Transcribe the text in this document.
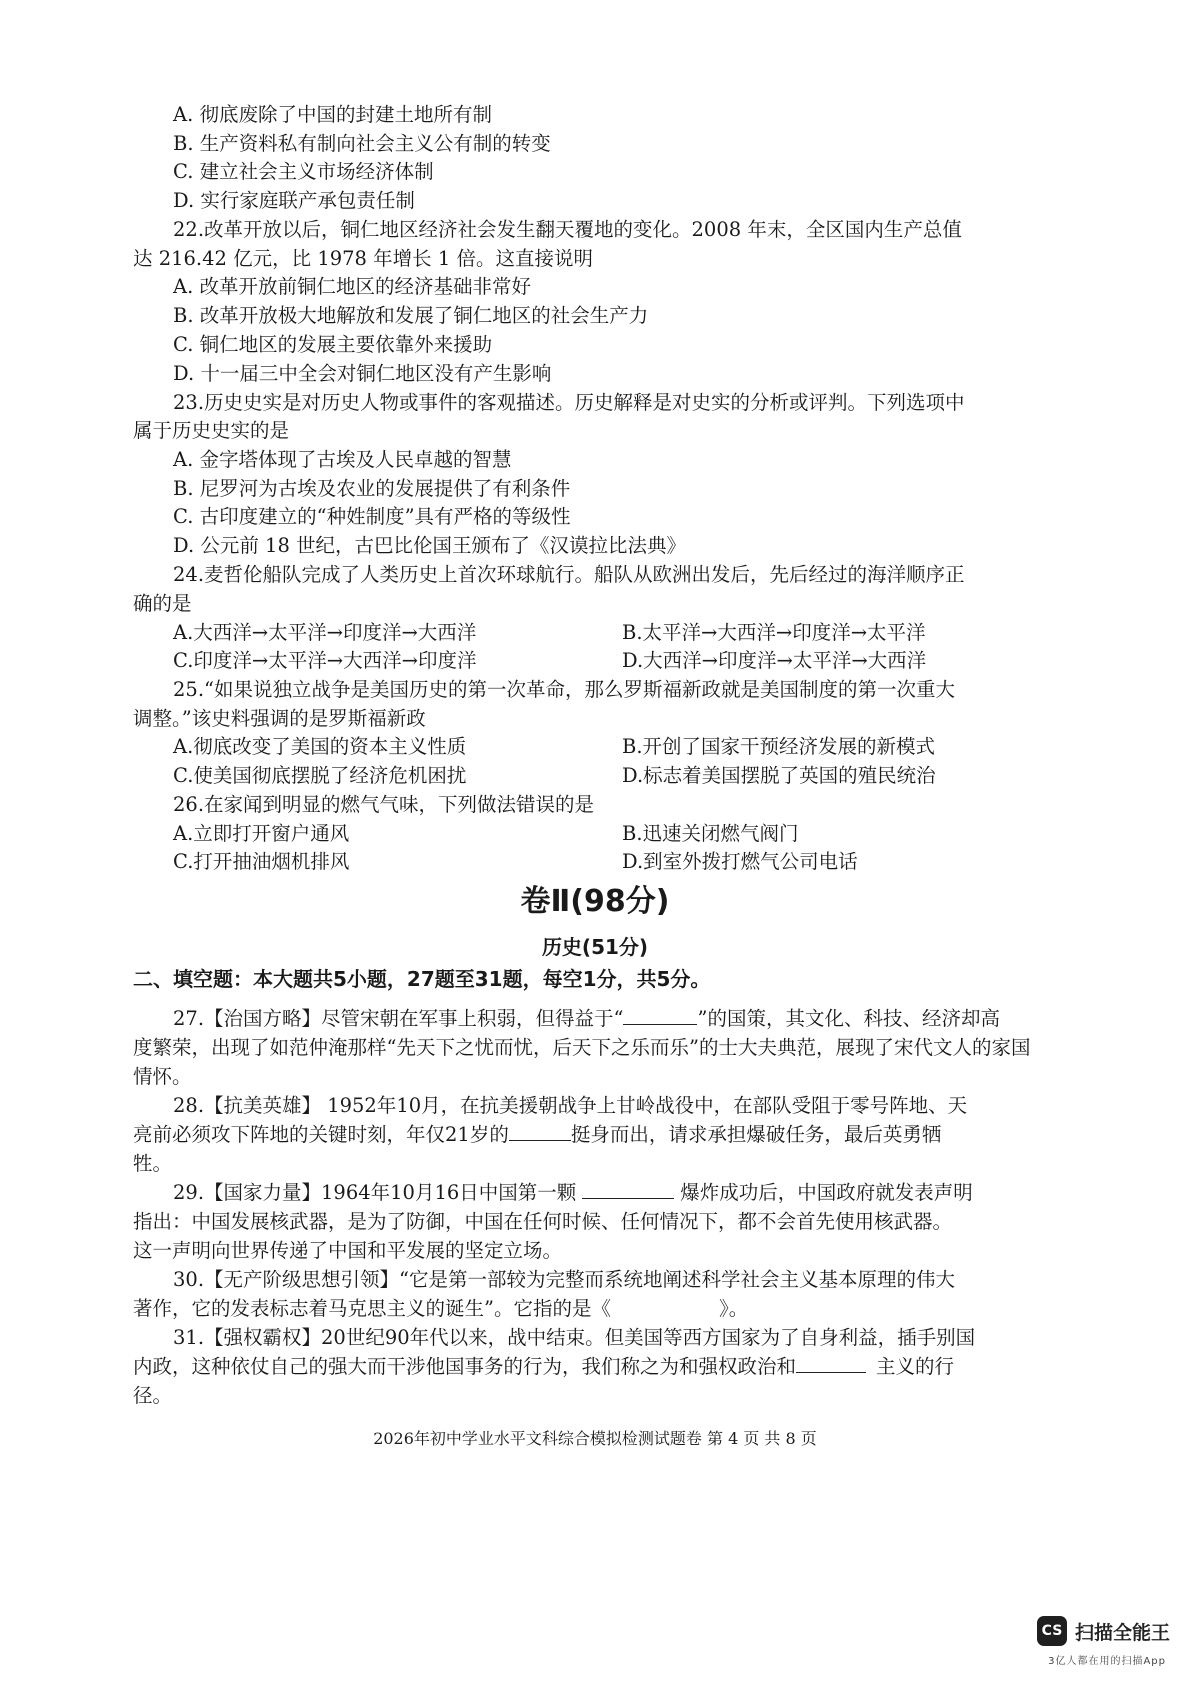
A. 彻底废除了中国的封建土地所有制
B. 生产资料私有制向社会主义公有制的转变
C. 建立社会主义市场经济体制
D. 实行家庭联产承包责任制
22.改革开放以后，铜仁地区经济社会发生翻天覆地的变化。2008 年末，全区国内生产总值
达 216.42 亿元，比 1978 年增长 1 倍。这直接说明
A. 改革开放前铜仁地区的经济基础非常好
B. 改革开放极大地解放和发展了铜仁地区的社会生产力
C. 铜仁地区的发展主要依靠外来援助
D. 十一届三中全会对铜仁地区没有产生影响
23.历史史实是对历史人物或事件的客观描述。历史解释是对史实的分析或评判。下列选项中
属于历史史实的是
A. 金字塔体现了古埃及人民卓越的智慧
B. 尼罗河为古埃及农业的发展提供了有利条件
C. 古印度建立的“种姓制度”具有严格的等级性
D. 公元前 18 世纪，古巴比伦国王颁布了《汉谟拉比法典》
24.麦哲伦船队完成了人类历史上首次环球航行。船队从欧洲出发后，先后经过的海洋顺序正
确的是
A.大西洋→太平洋→印度洋→大西洋	B.太平洋→大西洋→印度洋→太平洋
C.印度洋→太平洋→大西洋→印度洋	D.大西洋→印度洋→太平洋→大西洋
25.“如果说独立战争是美国历史的第一次革命，那么罗斯福新政就是美国制度的第一次重大
调整。”该史料强调的是罗斯福新政
A.彻底改变了美国的资本主义性质	B.开创了国家干预经济发展的新模式
C.使美国彻底摆脱了经济危机困扰	D.标志着美国摆脱了英国的殖民统治
26.在家闻到明显的燃气气味，下列做法错误的是
A.立即打开窗户通风	B.迅速关闭燃气阀门
C.打开抽油烟机排风	D.到室外拨打燃气公司电话
卷Ⅱ(98分)
历史(51分)
二、填空题：本大题共5小题，27题至31题，每空1分，共5分。
27.【治国方略】尽管宋朝在军事上积弱，但得益于“	”的国策，其文化、科技、经济却高
度繁荣，出现了如范仲淹那样“先天下之忧而忧，后天下之乐而乐”的士大夫典范，展现了宋代文人的家国
情怀。
28.【抗美英雄】 1952年10月，在抗美援朝战争上甘岭战役中，在部队受阻于零号阵地、天
亮前必须攻下阵地的关键时刻，年仅21岁的	挺身而出，请求承担爆破任务，最后英勇牺
牲。
29.【国家力量】1964年10月16日中国第一颗	爆炸成功后，中国政府就发表声明
指出：中国发展核武器，是为了防御，中国在任何时候、任何情况下，都不会首先使用核武器。
这一声明向世界传递了中国和平发展的坚定立场。
30.【无产阶级思想引领】“它是第一部较为完整而系统地阐述科学社会主义基本原理的伟大
著作，它的发表标志着马克思主义的诞生”。它指的是《	》。
31.【强权霸权】20世纪90年代以来，战中结束。但美国等西方国家为了自身利益，插手别国
内政，这种依仗自己的强大而干涉他国事务的行为，我们称之为和强权政治和	主义的行
径。
2026年初中学业水平文科综合模拟检测试题卷 第 4 页 共 8 页
CS 扫描全能王
3亿人都在用的扫描App
